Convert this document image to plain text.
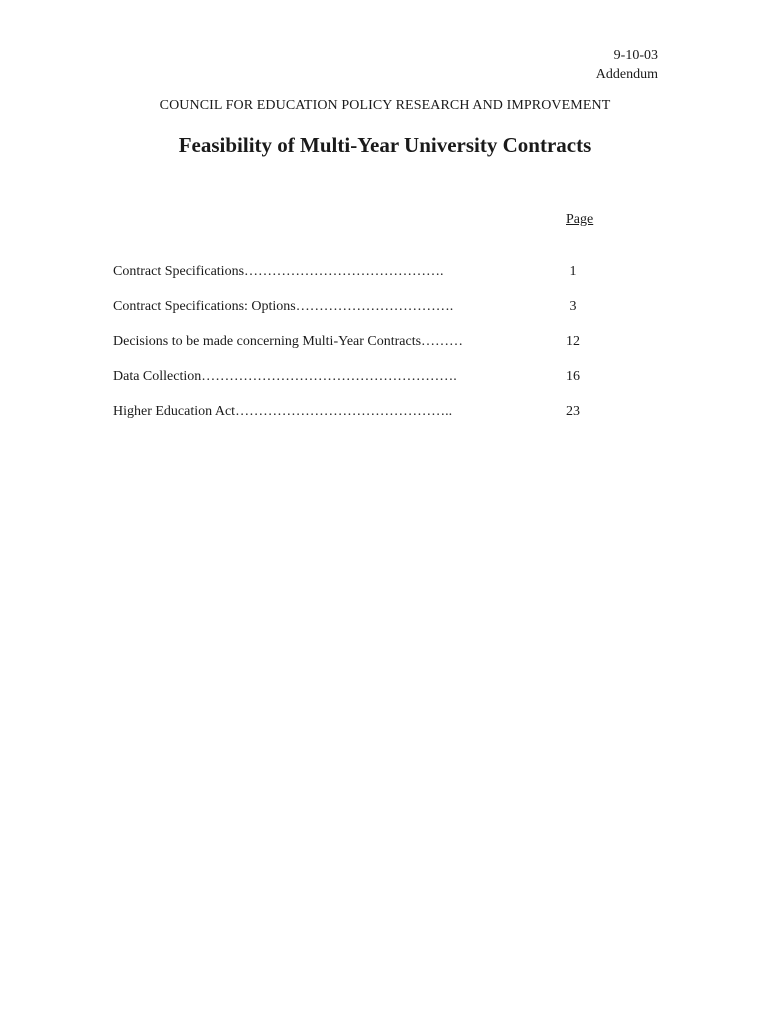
9-10-03
Addendum
COUNCIL FOR EDUCATION POLICY RESEARCH AND IMPROVEMENT
Feasibility of Multi-Year University Contracts
Page
Contract Specifications…………………………………….	1
Contract Specifications: Options…………………………….	3
Decisions to be made concerning Multi-Year Contracts………	12
Data Collection……………………………………………….	16
Higher Education Act………………………………………..	23
